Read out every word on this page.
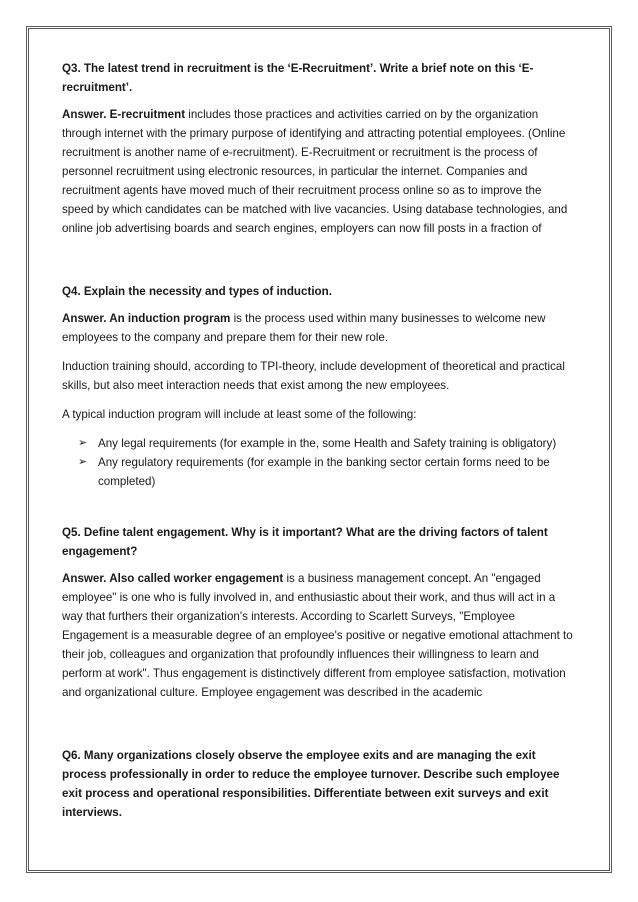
Q3. The latest trend in recruitment is the ‘E-Recruitment’. Write a brief note on this ‘E-recruitment’.

Answer. E-recruitment includes those practices and activities carried on by the organization through internet with the primary purpose of identifying and attracting potential employees. (Online recruitment is another name of e-recruitment). E-Recruitment or recruitment is the process of personnel recruitment using electronic resources, in particular the internet. Companies and recruitment agents have moved much of their recruitment process online so as to improve the speed by which candidates can be matched with live vacancies. Using database technologies, and online job advertising boards and search engines, employers can now fill posts in a fraction of

Q4. Explain the necessity and types of induction.

Answer. An induction program is the process used within many businesses to welcome new employees to the company and prepare them for their new role.

Induction training should, according to TPI-theory, include development of theoretical and practical skills, but also meet interaction needs that exist among the new employees.

A typical induction program will include at least some of the following:

➢ Any legal requirements (for example in the, some Health and Safety training is obligatory)
➢ Any regulatory requirements (for example in the banking sector certain forms need to be completed)

Q5. Define talent engagement. Why is it important? What are the driving factors of talent engagement?

Answer. Also called worker engagement is a business management concept. An "engaged employee" is one who is fully involved in, and enthusiastic about their work, and thus will act in a way that furthers their organization's interests. According to Scarlett Surveys, "Employee Engagement is a measurable degree of an employee's positive or negative emotional attachment to their job, colleagues and organization that profoundly influences their willingness to learn and perform at work". Thus engagement is distinctively different from employee satisfaction, motivation and organizational culture. Employee engagement was described in the academic

Q6. Many organizations closely observe the employee exits and are managing the exit process professionally in order to reduce the employee turnover. Describe such employee exit process and operational responsibilities. Differentiate between exit surveys and exit interviews.
